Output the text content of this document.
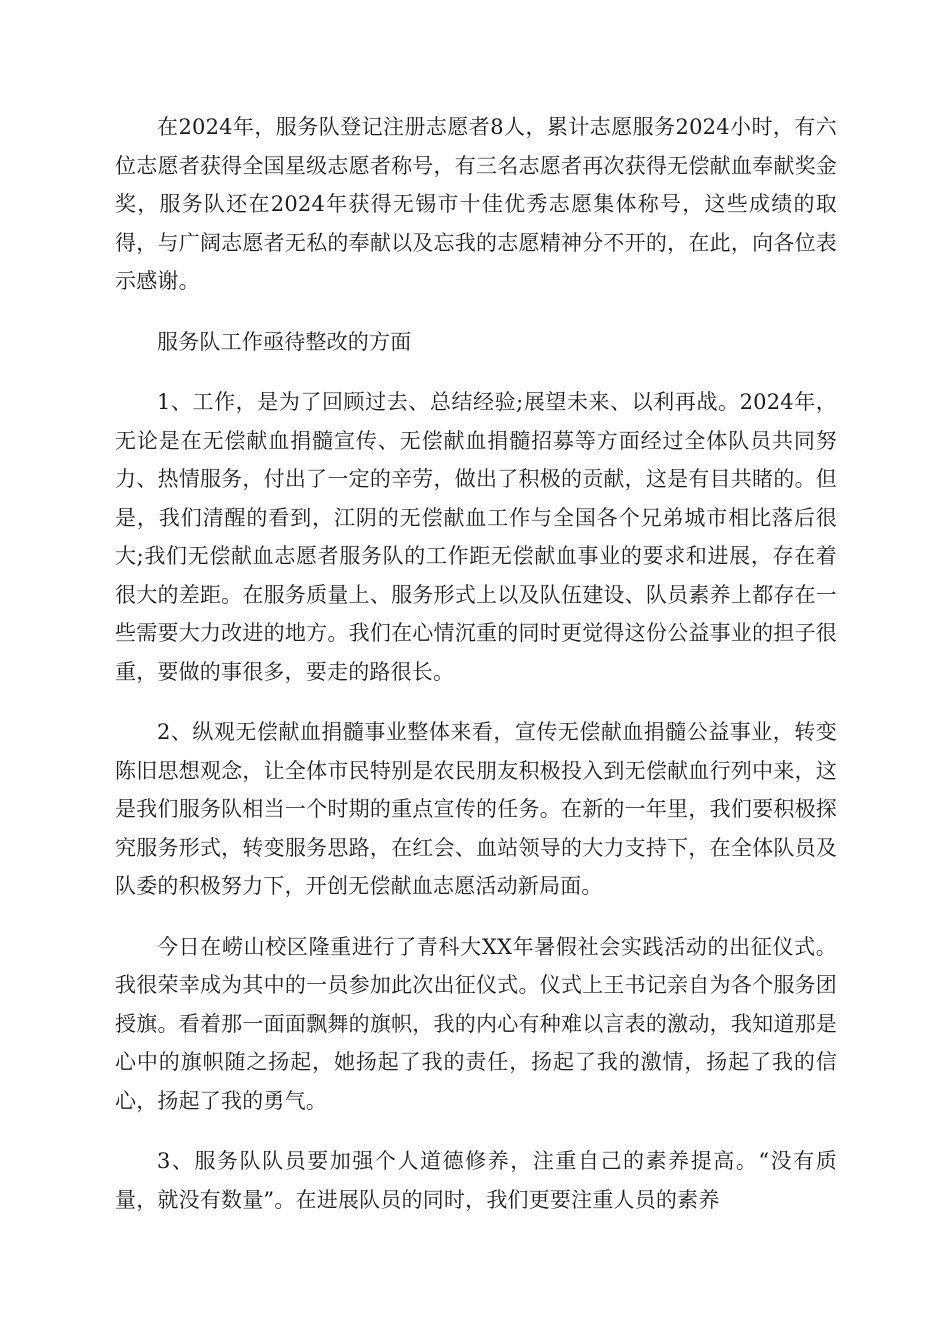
在2024年，服务队登记注册志愿者8人，累计志愿服务2024小时，有六位志愿者获得全国星级志愿者称号，有三名志愿者再次获得无偿献血奉献奖金奖，服务队还在2024年获得无锡市十佳优秀志愿集体称号，这些成绩的取得，与广阔志愿者无私的奉献以及忘我的志愿精神分不开的，在此，向各位表示感谢。

服务队工作亟待整改的方面

1、工作，是为了回顾过去、总结经验;展望未来、以利再战。2024年，无论是在无偿献血捐髓宣传、无偿献血捐髓招募等方面经过全体队员共同努力、热情服务，付出了一定的辛劳，做出了积极的贡献，这是有目共睹的。但是，我们清醒的看到，江阴的无偿献血工作与全国各个兄弟城市相比落后很大;我们无偿献血志愿者服务队的工作距无偿献血事业的要求和进展，存在着很大的差距。在服务质量上、服务形式上以及队伍建设、队员素养上都存在一些需要大力改进的地方。我们在心情沉重的同时更觉得这份公益事业的担子很重，要做的事很多，要走的路很长。

2、纵观无偿献血捐髓事业整体来看，宣传无偿献血捐髓公益事业，转变陈旧思想观念，让全体市民特别是农民朋友积极投入到无偿献血行列中来，这是我们服务队相当一个时期的重点宣传的任务。在新的一年里，我们要积极探究服务形式，转变服务思路，在红会、血站领导的大力支持下，在全体队员及队委的积极努力下，开创无偿献血志愿活动新局面。

今日在崂山校区隆重进行了青科大XX年暑假社会实践活动的出征仪式。我很荣幸成为其中的一员参加此次出征仪式。仪式上王书记亲自为各个服务团授旗。看着那一面面飘舞的旗帜，我的内心有种难以言表的激动，我知道那是心中的旗帜随之扬起，她扬起了我的责任，扬起了我的激情，扬起了我的信心，扬起了我的勇气。

3、服务队队员要加强个人道德修养，注重自己的素养提高。“没有质量，就没有数量”。在进展队员的同时，我们更要注重人员的素养
